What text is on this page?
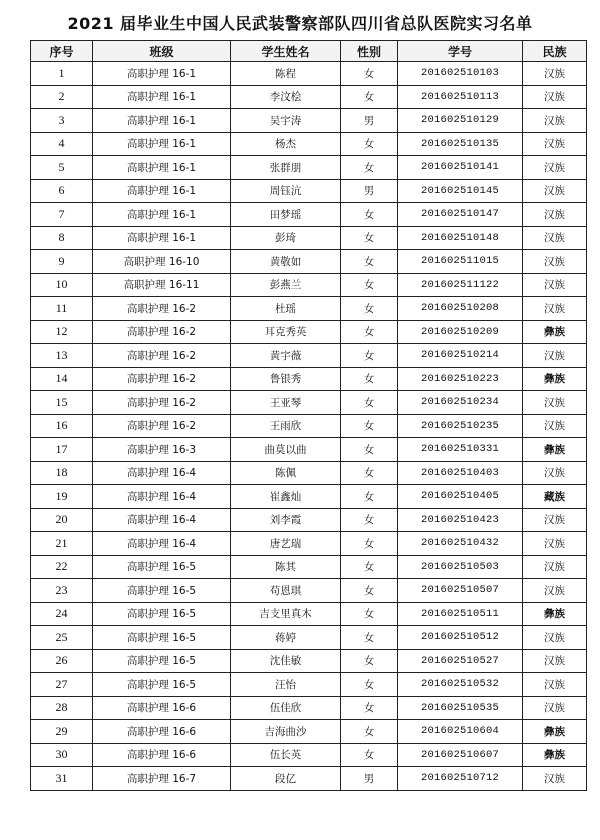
2021 届毕业生中国人民武装警察部队四川省总队医院实习名单
序号	班级	学生姓名	性别	学号	民族
1	高职护理 16-1	陈程	女	201602510103	汉族
2	高职护理 16-1	李汶桧	女	201602510113	汉族
3	高职护理 16-1	吴宇涛	男	201602510129	汉族
4	高职护理 16-1	杨杰	女	201602510135	汉族
5	高职护理 16-1	张群朋	女	201602510141	汉族
6	高职护理 16-1	周钰沆	男	201602510145	汉族
7	高职护理 16-1	田梦瑶	女	201602510147	汉族
8	高职护理 16-1	彭琦	女	201602510148	汉族
9	高职护理 16-10	黄敬如	女	201602511015	汉族
10	高职护理 16-11	彭燕兰	女	201602511122	汉族
11	高职护理 16-2	杜瑶	女	201602510208	汉族
12	高职护理 16-2	耳克秀英	女	201602510209	彝族
13	高职护理 16-2	黄宇薇	女	201602510214	汉族
14	高职护理 16-2	鲁银秀	女	201602510223	彝族
15	高职护理 16-2	王亚琴	女	201602510234	汉族
16	高职护理 16-2	王雨欣	女	201602510235	汉族
17	高职护理 16-3	曲莫以曲	女	201602510331	彝族
18	高职护理 16-4	陈佩	女	201602510403	汉族
19	高职护理 16-4	崔鑫灿	女	201602510405	藏族
20	高职护理 16-4	刘李霞	女	201602510423	汉族
21	高职护理 16-4	唐艺瑞	女	201602510432	汉族
22	高职护理 16-5	陈其	女	201602510503	汉族
23	高职护理 16-5	苟恩琪	女	201602510507	汉族
24	高职护理 16-5	吉支里真木	女	201602510511	彝族
25	高职护理 16-5	蒋婷	女	201602510512	汉族
26	高职护理 16-5	沈佳敏	女	201602510527	汉族
27	高职护理 16-5	汪怡	女	201602510532	汉族
28	高职护理 16-6	伍佳欣	女	201602510535	汉族
29	高职护理 16-6	吉海曲沙	女	201602510604	彝族
30	高职护理 16-6	伍长英	女	201602510607	彝族
31	高职护理 16-7	段亿	男	201602510712	汉族
